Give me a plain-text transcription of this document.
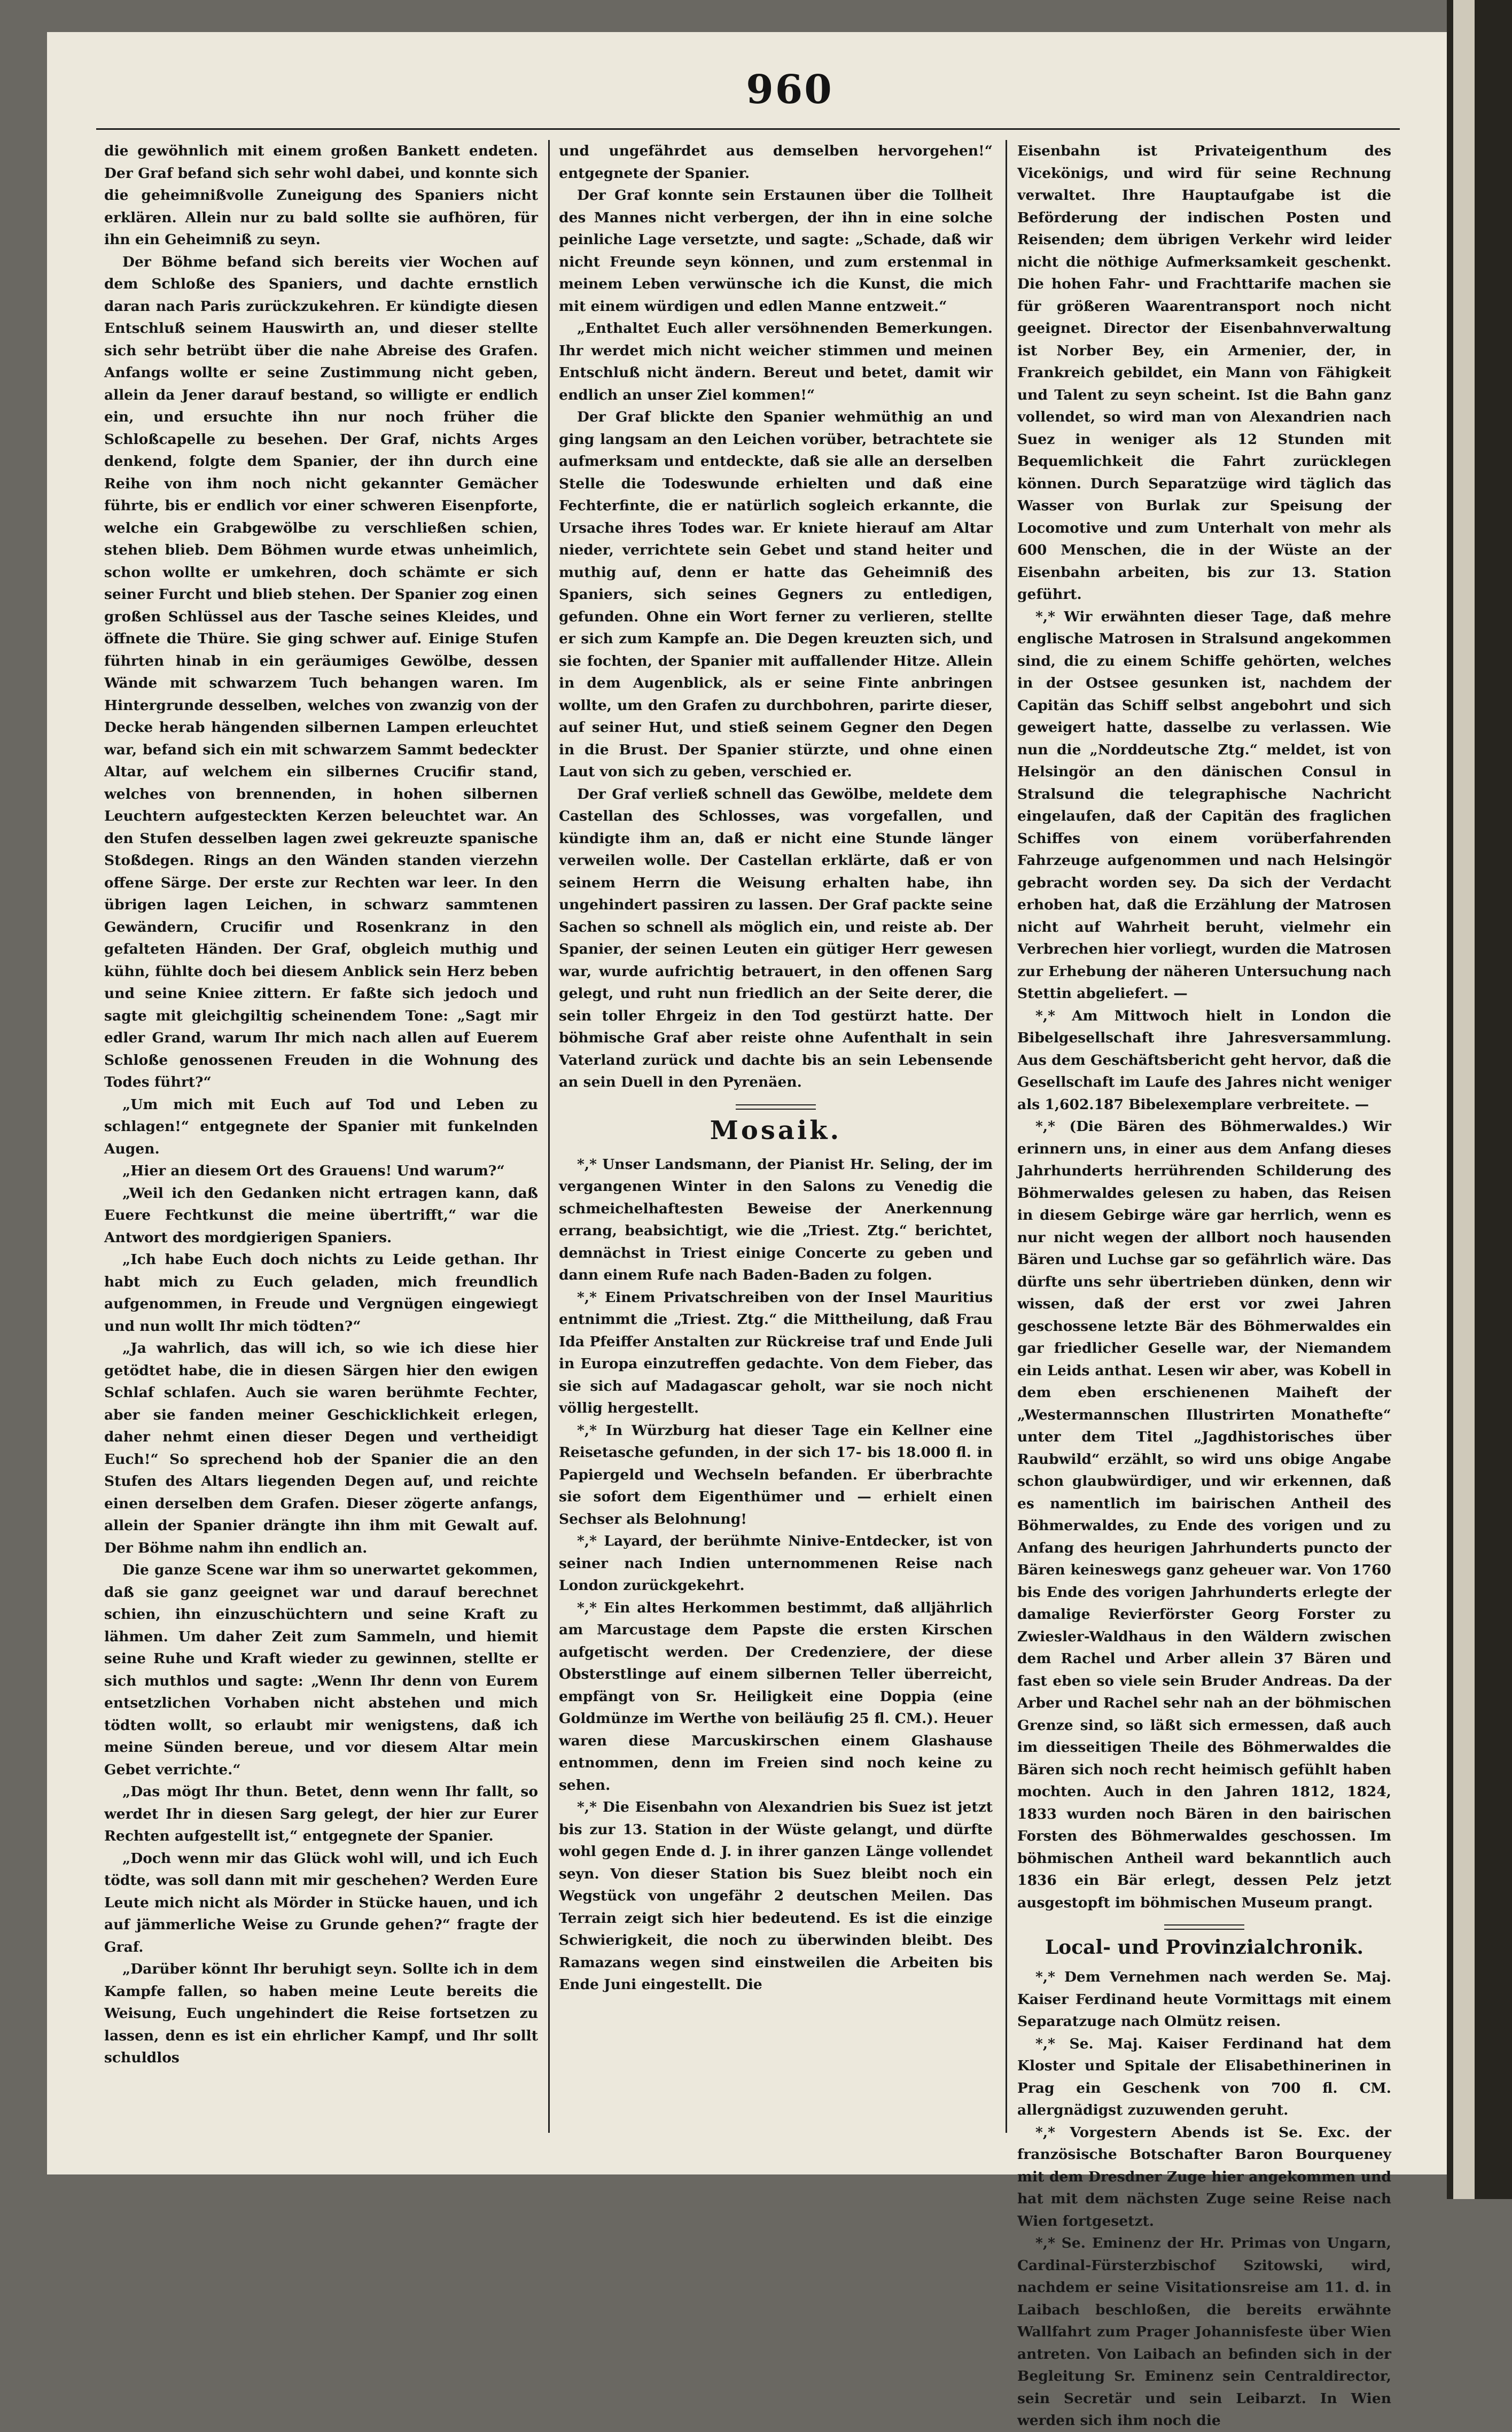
960

die gewöhnlich mit einem großen Bankett endeten. Der Graf befand sich sehr wohl dabei, und konnte sich die geheimnißvolle Zuneigung des Spaniers nicht erklären. Allein nur zu bald sollte sie aufhören, für ihn ein Geheimniß zu seyn.

Der Böhme befand sich bereits vier Wochen auf dem Schloße des Spaniers, und dachte ernstlich daran nach Paris zurückzukehren. Er kündigte diesen Entschluß seinem Hauswirth an, und dieser stellte sich sehr betrübt über die nahe Abreise des Grafen. Anfangs wollte er seine Zustimmung nicht geben, allein da Jener darauf bestand, so willigte er endlich ein, und ersuchte ihn nur noch früher die Schloßcapelle zu besehen. Der Graf, nichts Arges denkend, folgte dem Spanier, der ihn durch eine Reihe von ihm noch nicht gekannter Gemächer führte, bis er endlich vor einer schweren Eisenpforte, welche ein Grabgewölbe zu verschließen schien, stehen blieb. Dem Böhmen wurde etwas unheimlich, schon wollte er umkehren, doch schämte er sich seiner Furcht und blieb stehen. Der Spanier zog einen großen Schlüssel aus der Tasche seines Kleides, und öffnete die Thüre. Sie ging schwer auf. Einige Stufen führten hinab in ein geräumiges Gewölbe, dessen Wände mit schwarzem Tuch behangen waren. Im Hintergrunde desselben, welches von zwanzig von der Decke herab hängenden silbernen Lampen erleuchtet war, befand sich ein mit schwarzem Sammt bedeckter Altar, auf welchem ein silbernes Crucifir stand, welches von brennenden, in hohen silbernen Leuchtern aufgesteckten Kerzen beleuchtet war. An den Stufen desselben lagen zwei gekreuzte spanische Stoßdegen. Rings an den Wänden standen vierzehn offene Särge. Der erste zur Rechten war leer. In den übrigen lagen Leichen, in schwarz sammtenen Gewändern, Crucifir und Rosenkranz in den gefalteten Händen. Der Graf, obgleich muthig und kühn, fühlte doch bei diesem Anblick sein Herz beben und seine Kniee zittern. Er faßte sich jedoch und sagte mit gleichgiltig scheinendem Tone: „Sagt mir edler Grand, warum Ihr mich nach allen auf Euerem Schloße genossenen Freuden in die Wohnung des Todes führt?“

„Um mich mit Euch auf Tod und Leben zu schlagen!“ entgegnete der Spanier mit funkelnden Augen.

„Hier an diesem Ort des Grauens! Und warum?“

„Weil ich den Gedanken nicht ertragen kann, daß Euere Fechtkunst die meine übertrifft,“ war die Antwort des mordgierigen Spaniers.

„Ich habe Euch doch nichts zu Leide gethan. Ihr habt mich zu Euch geladen, mich freundlich aufgenommen, in Freude und Vergnügen eingewiegt und nun wollt Ihr mich tödten?“

„Ja wahrlich, das will ich, so wie ich diese hier getödtet habe, die in diesen Särgen hier den ewigen Schlaf schlafen. Auch sie waren berühmte Fechter, aber sie fanden meiner Geschicklichkeit erlegen, daher nehmt einen dieser Degen und vertheidigt Euch!“ So sprechend hob der Spanier die an den Stufen des Altars liegenden Degen auf, und reichte einen derselben dem Grafen. Dieser zögerte anfangs, allein der Spanier drängte ihn ihm mit Gewalt auf. Der Böhme nahm ihn endlich an.

Die ganze Scene war ihm so unerwartet gekommen, daß sie ganz geeignet war und darauf berechnet schien, ihn einzuschüchtern und seine Kraft zu lähmen. Um daher Zeit zum Sammeln, und hiemit seine Ruhe und Kraft wieder zu gewinnen, stellte er sich muthlos und sagte: „Wenn Ihr denn von Eurem entsetzlichen Vorhaben nicht abstehen und mich tödten wollt, so erlaubt mir wenigstens, daß ich meine Sünden bereue, und vor diesem Altar mein Gebet verrichte.“

„Das mögt Ihr thun. Betet, denn wenn Ihr fallt, so werdet Ihr in diesen Sarg gelegt, der hier zur Eurer Rechten aufgestellt ist,“ entgegnete der Spanier.

„Doch wenn mir das Glück wohl will, und ich Euch tödte, was soll dann mit mir geschehen? Werden Eure Leute mich nicht als Mörder in Stücke hauen, und ich auf jämmerliche Weise zu Grunde gehen?“ fragte der Graf.

„Darüber könnt Ihr beruhigt seyn. Sollte ich in dem Kampfe fallen, so haben meine Leute bereits die Weisung, Euch ungehindert die Reise fortsetzen zu lassen, denn es ist ein ehrlicher Kampf, und Ihr sollt schuldlos

und ungefährdet aus demselben hervorgehen!“ entgegnete der Spanier.

Der Graf konnte sein Erstaunen über die Tollheit des Mannes nicht verbergen, der ihn in eine solche peinliche Lage versetzte, und sagte: „Schade, daß wir nicht Freunde seyn können, und zum erstenmal in meinem Leben verwünsche ich die Kunst, die mich mit einem würdigen und edlen Manne entzweit.“

„Enthaltet Euch aller versöhnenden Bemerkungen. Ihr werdet mich nicht weicher stimmen und meinen Entschluß nicht ändern. Bereut und betet, damit wir endlich an unser Ziel kommen!“

Der Graf blickte den Spanier wehmüthig an und ging langsam an den Leichen vorüber, betrachtete sie aufmerksam und entdeckte, daß sie alle an derselben Stelle die Todeswunde erhielten und daß eine Fechterfinte, die er natürlich sogleich erkannte, die Ursache ihres Todes war. Er kniete hierauf am Altar nieder, verrichtete sein Gebet und stand heiter und muthig auf, denn er hatte das Geheimniß des Spaniers, sich seines Gegners zu entledigen, gefunden. Ohne ein Wort ferner zu verlieren, stellte er sich zum Kampfe an. Die Degen kreuzten sich, und sie fochten, der Spanier mit auffallender Hitze. Allein in dem Augenblick, als er seine Finte anbringen wollte, um den Grafen zu durchbohren, parirte dieser, auf seiner Hut, und stieß seinem Gegner den Degen in die Brust. Der Spanier stürzte, und ohne einen Laut von sich zu geben, verschied er.

Der Graf verließ schnell das Gewölbe, meldete dem Castellan des Schlosses, was vorgefallen, und kündigte ihm an, daß er nicht eine Stunde länger verweilen wolle. Der Castellan erklärte, daß er von seinem Herrn die Weisung erhalten habe, ihn ungehindert passiren zu lassen. Der Graf packte seine Sachen so schnell als möglich ein, und reiste ab. Der Spanier, der seinen Leuten ein gütiger Herr gewesen war, wurde aufrichtig betrauert, in den offenen Sarg gelegt, und ruht nun friedlich an der Seite derer, die sein toller Ehrgeiz in den Tod gestürzt hatte. Der böhmische Graf aber reiste ohne Aufenthalt in sein Vaterland zurück und dachte bis an sein Lebensende an sein Duell in den Pyrenäen.

Mosaik.

*,* Unser Landsmann, der Pianist Hr. Seling, der im vergangenen Winter in den Salons zu Venedig die schmeichelhaftesten Beweise der Anerkennung errang, beabsichtigt, wie die „Triest. Ztg.“ berichtet, demnächst in Triest einige Concerte zu geben und dann einem Rufe nach Baden-Baden zu folgen.

*,* Einem Privatschreiben von der Insel Mauritius entnimmt die „Triest. Ztg.“ die Mittheilung, daß Frau Ida Pfeiffer Anstalten zur Rückreise traf und Ende Juli in Europa einzutreffen gedachte. Von dem Fieber, das sie sich auf Madagascar geholt, war sie noch nicht völlig hergestellt.

*,* In Würzburg hat dieser Tage ein Kellner eine Reisetasche gefunden, in der sich 17- bis 18.000 fl. in Papiergeld und Wechseln befanden. Er überbrachte sie sofort dem Eigenthümer und — erhielt einen Sechser als Belohnung!

*,* Layard, der berühmte Ninive-Entdecker, ist von seiner nach Indien unternommenen Reise nach London zurückgekehrt.

*,* Ein altes Herkommen bestimmt, daß alljährlich am Marcustage dem Papste die ersten Kirschen aufgetischt werden. Der Credenziere, der diese Obsterstlinge auf einem silbernen Teller überreicht, empfängt von Sr. Heiligkeit eine Doppia (eine Goldmünze im Werthe von beiläufig 25 fl. CM.). Heuer waren diese Marcuskirschen einem Glashause entnommen, denn im Freien sind noch keine zu sehen.

*,* Die Eisenbahn von Alexandrien bis Suez ist jetzt bis zur 13. Station in der Wüste gelangt, und dürfte wohl gegen Ende d. J. in ihrer ganzen Länge vollendet seyn. Von dieser Station bis Suez bleibt noch ein Wegstück von ungefähr 2 deutschen Meilen. Das Terrain zeigt sich hier bedeutend. Es ist die einzige Schwierigkeit, die noch zu überwinden bleibt. Des Ramazans wegen sind einstweilen die Arbeiten bis Ende Juni eingestellt. Die

Eisenbahn ist Privateigenthum des Vicekönigs, und wird für seine Rechnung verwaltet. Ihre Hauptaufgabe ist die Beförderung der indischen Posten und Reisenden; dem übrigen Verkehr wird leider nicht die nöthige Aufmerksamkeit geschenkt. Die hohen Fahr- und Frachttarife machen sie für größeren Waarentransport noch nicht geeignet. Director der Eisenbahnverwaltung ist Norber Bey, ein Armenier, der, in Frankreich gebildet, ein Mann von Fähigkeit und Talent zu seyn scheint. Ist die Bahn ganz vollendet, so wird man von Alexandrien nach Suez in weniger als 12 Stunden mit Bequemlichkeit die Fahrt zurücklegen können. Durch Separatzüge wird täglich das Wasser von Burlak zur Speisung der Locomotive und zum Unterhalt von mehr als 600 Menschen, die in der Wüste an der Eisenbahn arbeiten, bis zur 13. Station geführt.

*,* Wir erwähnten dieser Tage, daß mehre englische Matrosen in Stralsund angekommen sind, die zu einem Schiffe gehörten, welches in der Ostsee gesunken ist, nachdem der Capitän das Schiff selbst angebohrt und sich geweigert hatte, dasselbe zu verlassen. Wie nun die „Norddeutsche Ztg.“ meldet, ist von Helsingör an den dänischen Consul in Stralsund die telegraphische Nachricht eingelaufen, daß der Capitän des fraglichen Schiffes von einem vorüberfahrenden Fahrzeuge aufgenommen und nach Helsingör gebracht worden sey. Da sich der Verdacht erhoben hat, daß die Erzählung der Matrosen nicht auf Wahrheit beruht, vielmehr ein Verbrechen hier vorliegt, wurden die Matrosen zur Erhebung der näheren Untersuchung nach Stettin abgeliefert. —

*,* Am Mittwoch hielt in London die Bibelgesellschaft ihre Jahresversammlung. Aus dem Geschäftsbericht geht hervor, daß die Gesellschaft im Laufe des Jahres nicht weniger als 1,602.187 Bibelexemplare verbreitete. —

*,* (Die Bären des Böhmerwaldes.) Wir erinnern uns, in einer aus dem Anfang dieses Jahrhunderts herrührenden Schilderung des Böhmerwaldes gelesen zu haben, das Reisen in diesem Gebirge wäre gar herrlich, wenn es nur nicht wegen der allbort noch hausenden Bären und Luchse gar so gefährlich wäre. Das dürfte uns sehr übertrieben dünken, denn wir wissen, daß der erst vor zwei Jahren geschossene letzte Bär des Böhmerwaldes ein gar friedlicher Geselle war, der Niemandem ein Leids anthat. Lesen wir aber, was Kobell in dem eben erschienenen Maiheft der „Westermannschen Illustrirten Monathefte“ unter dem Titel „Jagdhistorisches über Raubwild“ erzählt, so wird uns obige Angabe schon glaubwürdiger, und wir erkennen, daß es namentlich im bairischen Antheil des Böhmerwaldes, zu Ende des vorigen und zu Anfang des heurigen Jahrhunderts puncto der Bären keineswegs ganz geheuer war. Von 1760 bis Ende des vorigen Jahrhunderts erlegte der damalige Revierförster Georg Forster zu Zwiesler-Waldhaus in den Wäldern zwischen dem Rachel und Arber allein 37 Bären und fast eben so viele sein Bruder Andreas. Da der Arber und Rachel sehr nah an der böhmischen Grenze sind, so läßt sich ermessen, daß auch im diesseitigen Theile des Böhmerwaldes die Bären sich noch recht heimisch gefühlt haben mochten. Auch in den Jahren 1812, 1824, 1833 wurden noch Bären in den bairischen Forsten des Böhmerwaldes geschossen. Im böhmischen Antheil ward bekanntlich auch 1836 ein Bär erlegt, dessen Pelz jetzt ausgestopft im böhmischen Museum prangt.

Local- und Provinzialchronik.

*,* Dem Vernehmen nach werden Se. Maj. Kaiser Ferdinand heute Vormittags mit einem Separatzuge nach Olmütz reisen.

*,* Se. Maj. Kaiser Ferdinand hat dem Kloster und Spitale der Elisabethinerinen in Prag ein Geschenk von 700 fl. CM. allergnädigst zuzuwenden geruht.

*,* Vorgestern Abends ist Se. Exc. der französische Botschafter Baron Bourqueney mit dem Dresdner Zuge hier angekommen und hat mit dem nächsten Zuge seine Reise nach Wien fortgesetzt.

*,* Se. Eminenz der Hr. Primas von Ungarn, Cardinal-Fürsterzbischof Szitowski, wird, nachdem er seine Visitationsreise am 11. d. in Laibach beschloßen, die bereits erwähnte Wallfahrt zum Prager Johannisfeste über Wien antreten. Von Laibach an befinden sich in der Begleitung Sr. Eminenz sein Centraldirector, sein Secretär und sein Leibarzt. In Wien werden sich ihm noch die
